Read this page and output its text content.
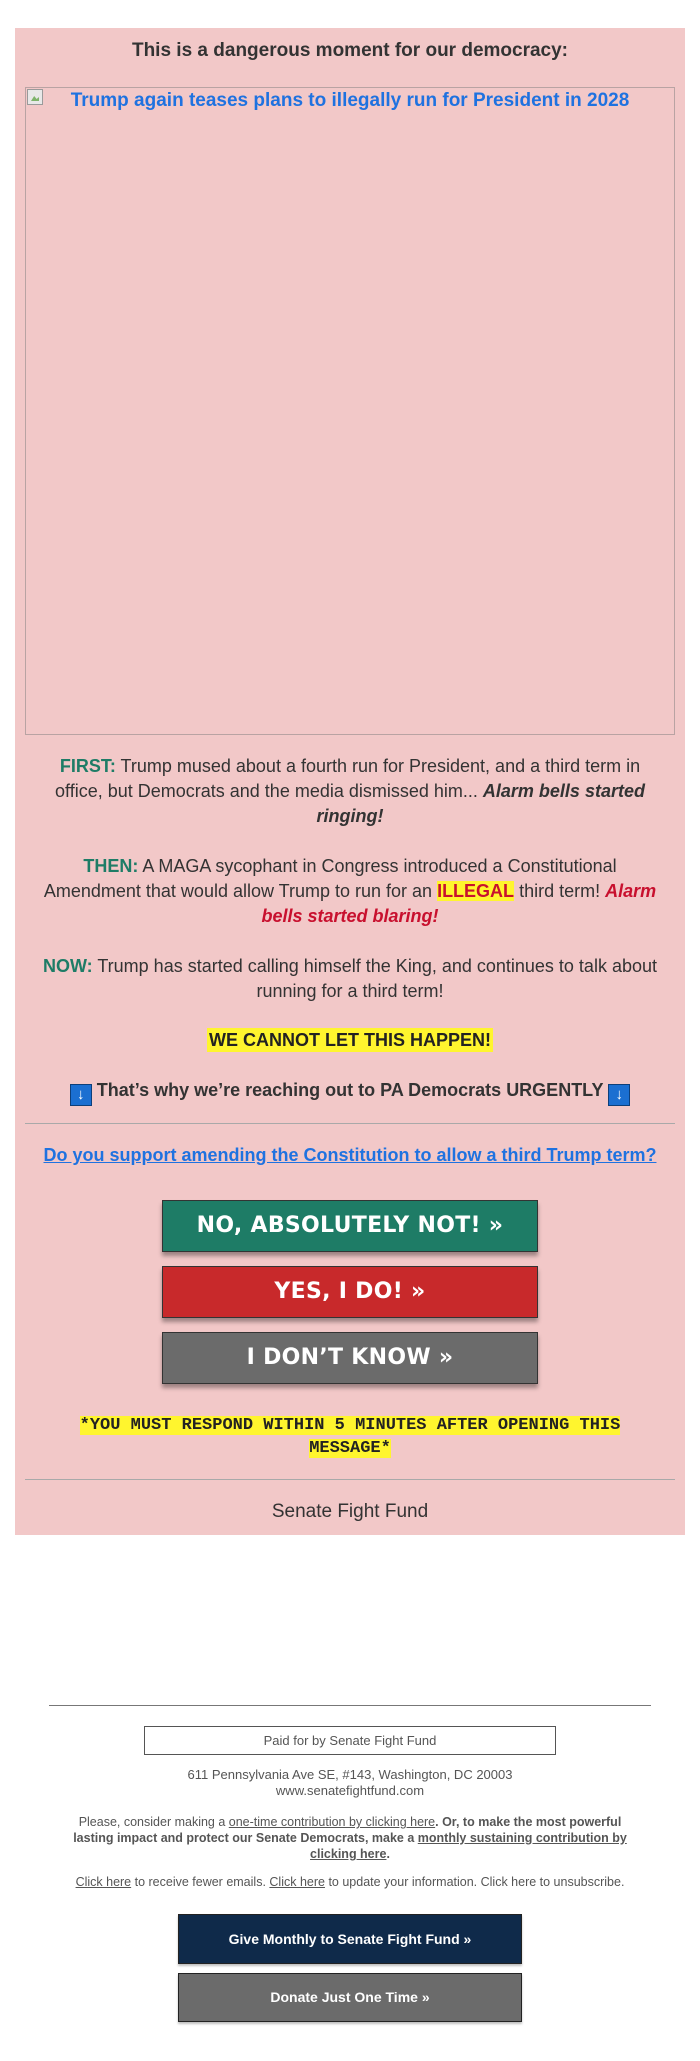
This is a dangerous moment for our democracy:
Trump again teases plans to illegally run for President in 2028

FIRST: Trump mused about a fourth run for President, and a third term in office, but Democrats and the media dismissed him... Alarm bells started ringing!

THEN: A MAGA sycophant in Congress introduced a Constitutional Amendment that would allow Trump to run for an ILLEGAL third term! Alarm bells started blaring!

NOW: Trump has started calling himself the King, and continues to talk about running for a third term!

WE CANNOT LET THIS HAPPEN!
↓ That’s why we’re reaching out to PA Democrats URGENTLY ↓
Do you support amending the Constitution to allow a third Trump term?
NO, ABSOLUTELY NOT! »
YES, I DO! »
I DON’T KNOW »
*YOU MUST RESPOND WITHIN 5 MINUTES AFTER OPENING THIS MESSAGE*
Senate Fight Fund
Paid for by Senate Fight Fund
611 Pennsylvania Ave SE, #143, Washington, DC 20003
www.senatefightfund.com

Please, consider making a one-time contribution by clicking here. Or, to make the most powerful lasting impact and protect our Senate Democrats, make a monthly sustaining contribution by clicking here.

Click here to receive fewer emails. Click here to update your information. Click here to unsubscribe.

Give Monthly to Senate Fight Fund »
Donate Just One Time »
